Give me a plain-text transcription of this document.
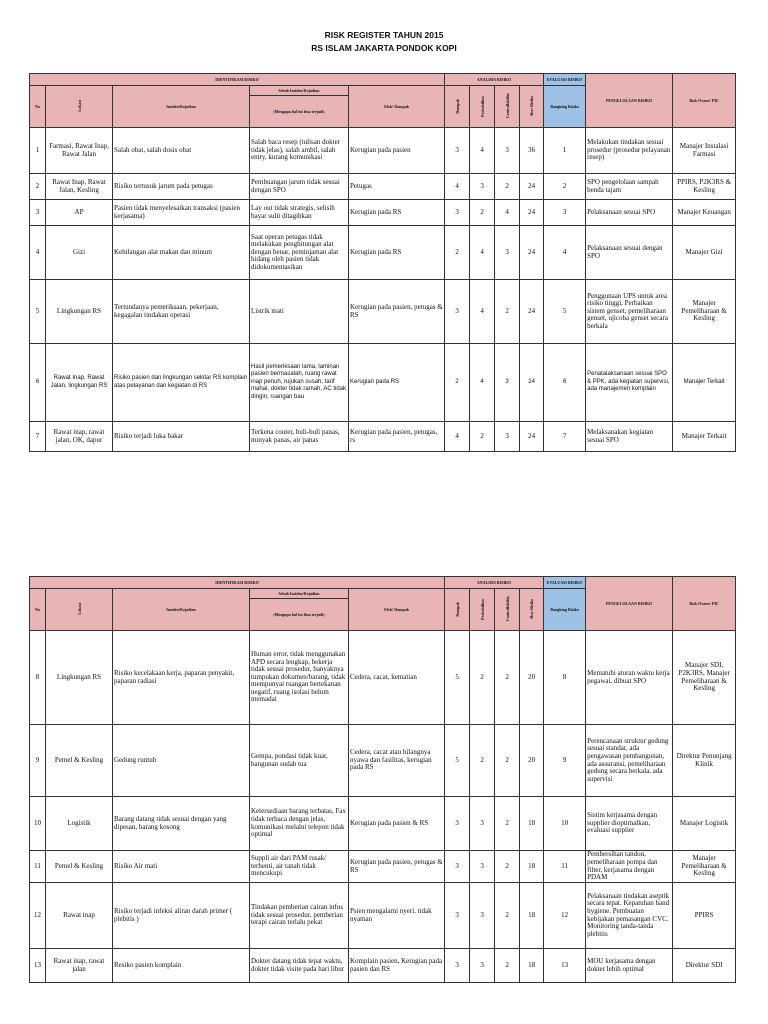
RISK REGISTER TAHUN 2015
RS ISLAM JAKARTA PONDOK KOPI
IDENTIFIKASI RISIKO					ANALISIS RISIKO				EVALUASI RISIKO	PENGELOLAAN RISIKO	Risk Owner/ PIC
No	Lokasi	Insiden/Kejadian	Sebab Insiden/Kejadian	Efek/ Dampak	Dampak	Probabilitas	Controllability	Skor Risiko	Rangking Risiko		
			(Mengapa hal itu bisa terjadi)								

1	Farmasi, Rawat Inap, Rawat Jalan	Salah obat, salah dosis obat	Salah baca resep (tulisan dokter tidak jelas), salah ambil, salah entry, kurang komunikasi	Kerugian pada pasien	3	4	3	36	1	Melakukan tindakan sesuai prosedur (prosedur pelayanan resep)	Manajer Instalasi Farmasi
2	Rawat Inap, Rawat Jalan, Kesling	Risiko tertusuk jarum pada petugas	Pembuangan jarum tidak sesuai dengan SPO	Petugas	4	3	2	24	2	SPO pengelolaan sampah benda tajam	PPIRS, P2K3RS & Kesling
3	AP	Pasien tidak menyelesaikan transaksi (pasien kerjasama)	Lay out tidak strategis, selisih bayar sulit ditagihkan	Kerugian pada RS	3	2	4	24	3	Pelaksanaan sesuai SPO	Manajer Keuangan
4	Gizi	Kehilangan alat makan dan minum	Saat operan petugas tidak melakukan penghitungan alat dengan benar, peminjaman alat hidang oleh pasien tidak didokumentasikan	Kerugian pada RS	2	4	3	24	4	Pelaksanaan sesuai dengan SPO	Manajer Gizi
5	Lingkungan RS	Tertundanya pemeriksaan, pekerjaan, kegagalan tindakan operasi	Listrik mati	Kerugian pada pasien, petugas & RS	3	4	2	24	5	Penggunaan UPS untuk area risiko tinggi, Perbaikan sistem genset, pemeliharaan genset, ujicoba genset secara berkala	Manajer Pemeliharaan & Kesling
6	Rawat Inap, Rawat Jalan, lingkungan RS	Risiko pasien dan lingkungan sekitar RS komplain atas pelayanan dan kegiatan di RS	Hasil pemeriksaan lama, laminan pasien bermasalah, ruang rawat inap penuh, rujukan susah, tarif mahal, dokter tidak ramah, AC tidak dingin, ruangan bau	Kerugian pada RS	2	4	3	24	6	Penatalaksanaan sesuai SPO & PPK, ada kegiatan supervisi, ada manajemen komplain	Manajer Terkait
7	Rawat inap, rawat jalan, OK, dapur	Risiko terjadi luka bakar	Terkena couter, buli-buli panas, minyak panas, air panas	Kerugian pada pasien, petugas, rs	4	2	3	24	7	Melaksanakan kegiatan sesuai SPO	Manajer Terkait
IDENTIFIKASI RISIKO					ANALISIS RISIKO				EVALUASI RISIKO	PENGELOLAAN RISIKO	Risk Owner/ PIC
No	Lokasi	Insiden/Kejadian	Sebab Insiden/Kejadian	Efek/ Dampak	Dampak	Probabilitas	Controllability	Skor Risiko	Rangking Risiko		
			(Mengapa hal itu bisa terjadi)								

8	Lingkungan RS	Risiko kecelakaan kerja, paparan penyakit, paparan radiasi	Human error, tidak menggunakan APD secara lengkap, bekerja tidak sesuai prosedur, banyaknya tumpukan dokumen/barang, tidak mempunyai ruangan bertekanan negatif, ruang isolasi belum memadai	Cedera, cacat, kematian	5	2	2	20	8	Mematuhi aturan waktu kerja pegawai, dibuat SPO	Manajer SDI, P2K3RS, Manajer Pemeliharaan & Kesling
9	Pemel & Kesling	Gedung runtuh	Gempa, pondasi tidak kuat, bangunan sudah tua	Cedera, cacat atau hilangnya nyawa dan fasilitas, kerugian pada RS	5	2	2	20	9	Perencanaan struktur gedung sesuai standar, ada pengawasan pembangunan, ada assuransi, pemeliharaan gedung secara berkala, ada supervisi	Direktur Penunjang Klinik
10	Logistik	Barang datang tidak sesuai dengan yang dipesan, barang kosong	Ketersediaan barang terbatas, Fax tidak terbaca dengan jelas, komunikasi melalui telepon tidak optimal	Kerugian pada pasien & RS	3	3	2	18	10	Sistim kerjasama dengan supplier dioptimalkan, evaluasi supplier	Manajer Logistik
11	Pemel & Kesling	Risiko Air mati	Suppli air dari PAM rusak/ terhenti, air tanah tidak mencukupi	Kerugian pada pasien, petugas & RS	3	3	2	18	11	Pembersihan tandon, pemeliharaan pompa dan filter, kerjasama dengan PDAM	Manajer Pemeliharaan & Kesling
12	Rawat inap	Risiko terjadi infeksi aliran darah primer ( plebitis )	Tindakan pemberian cairan infus tidak sesuai prosedur, pemberian terapi cairan terlalu pekat	Psien mengalami nyeri, tidak nyaman	3	3	2	18	12	Pelaksanaan tindakan aseptik secara tepat. Kepatuhan hand hygiene. Pembuatan kebijakan pemasangan CVC. Monitoring tanda-tanda plebitis	PPIRS
13	Rawat inap, rawat jalan	Resiko pasien komplain	Dokter datang tidak tepat waktu, dokter tidak visite pada hari libur	Komplain pasien, Kerugian pada pasien dan RS	3	3	2	18	13	MOU kerjasama dengan dokter lebih optimal	Direktur SDI
